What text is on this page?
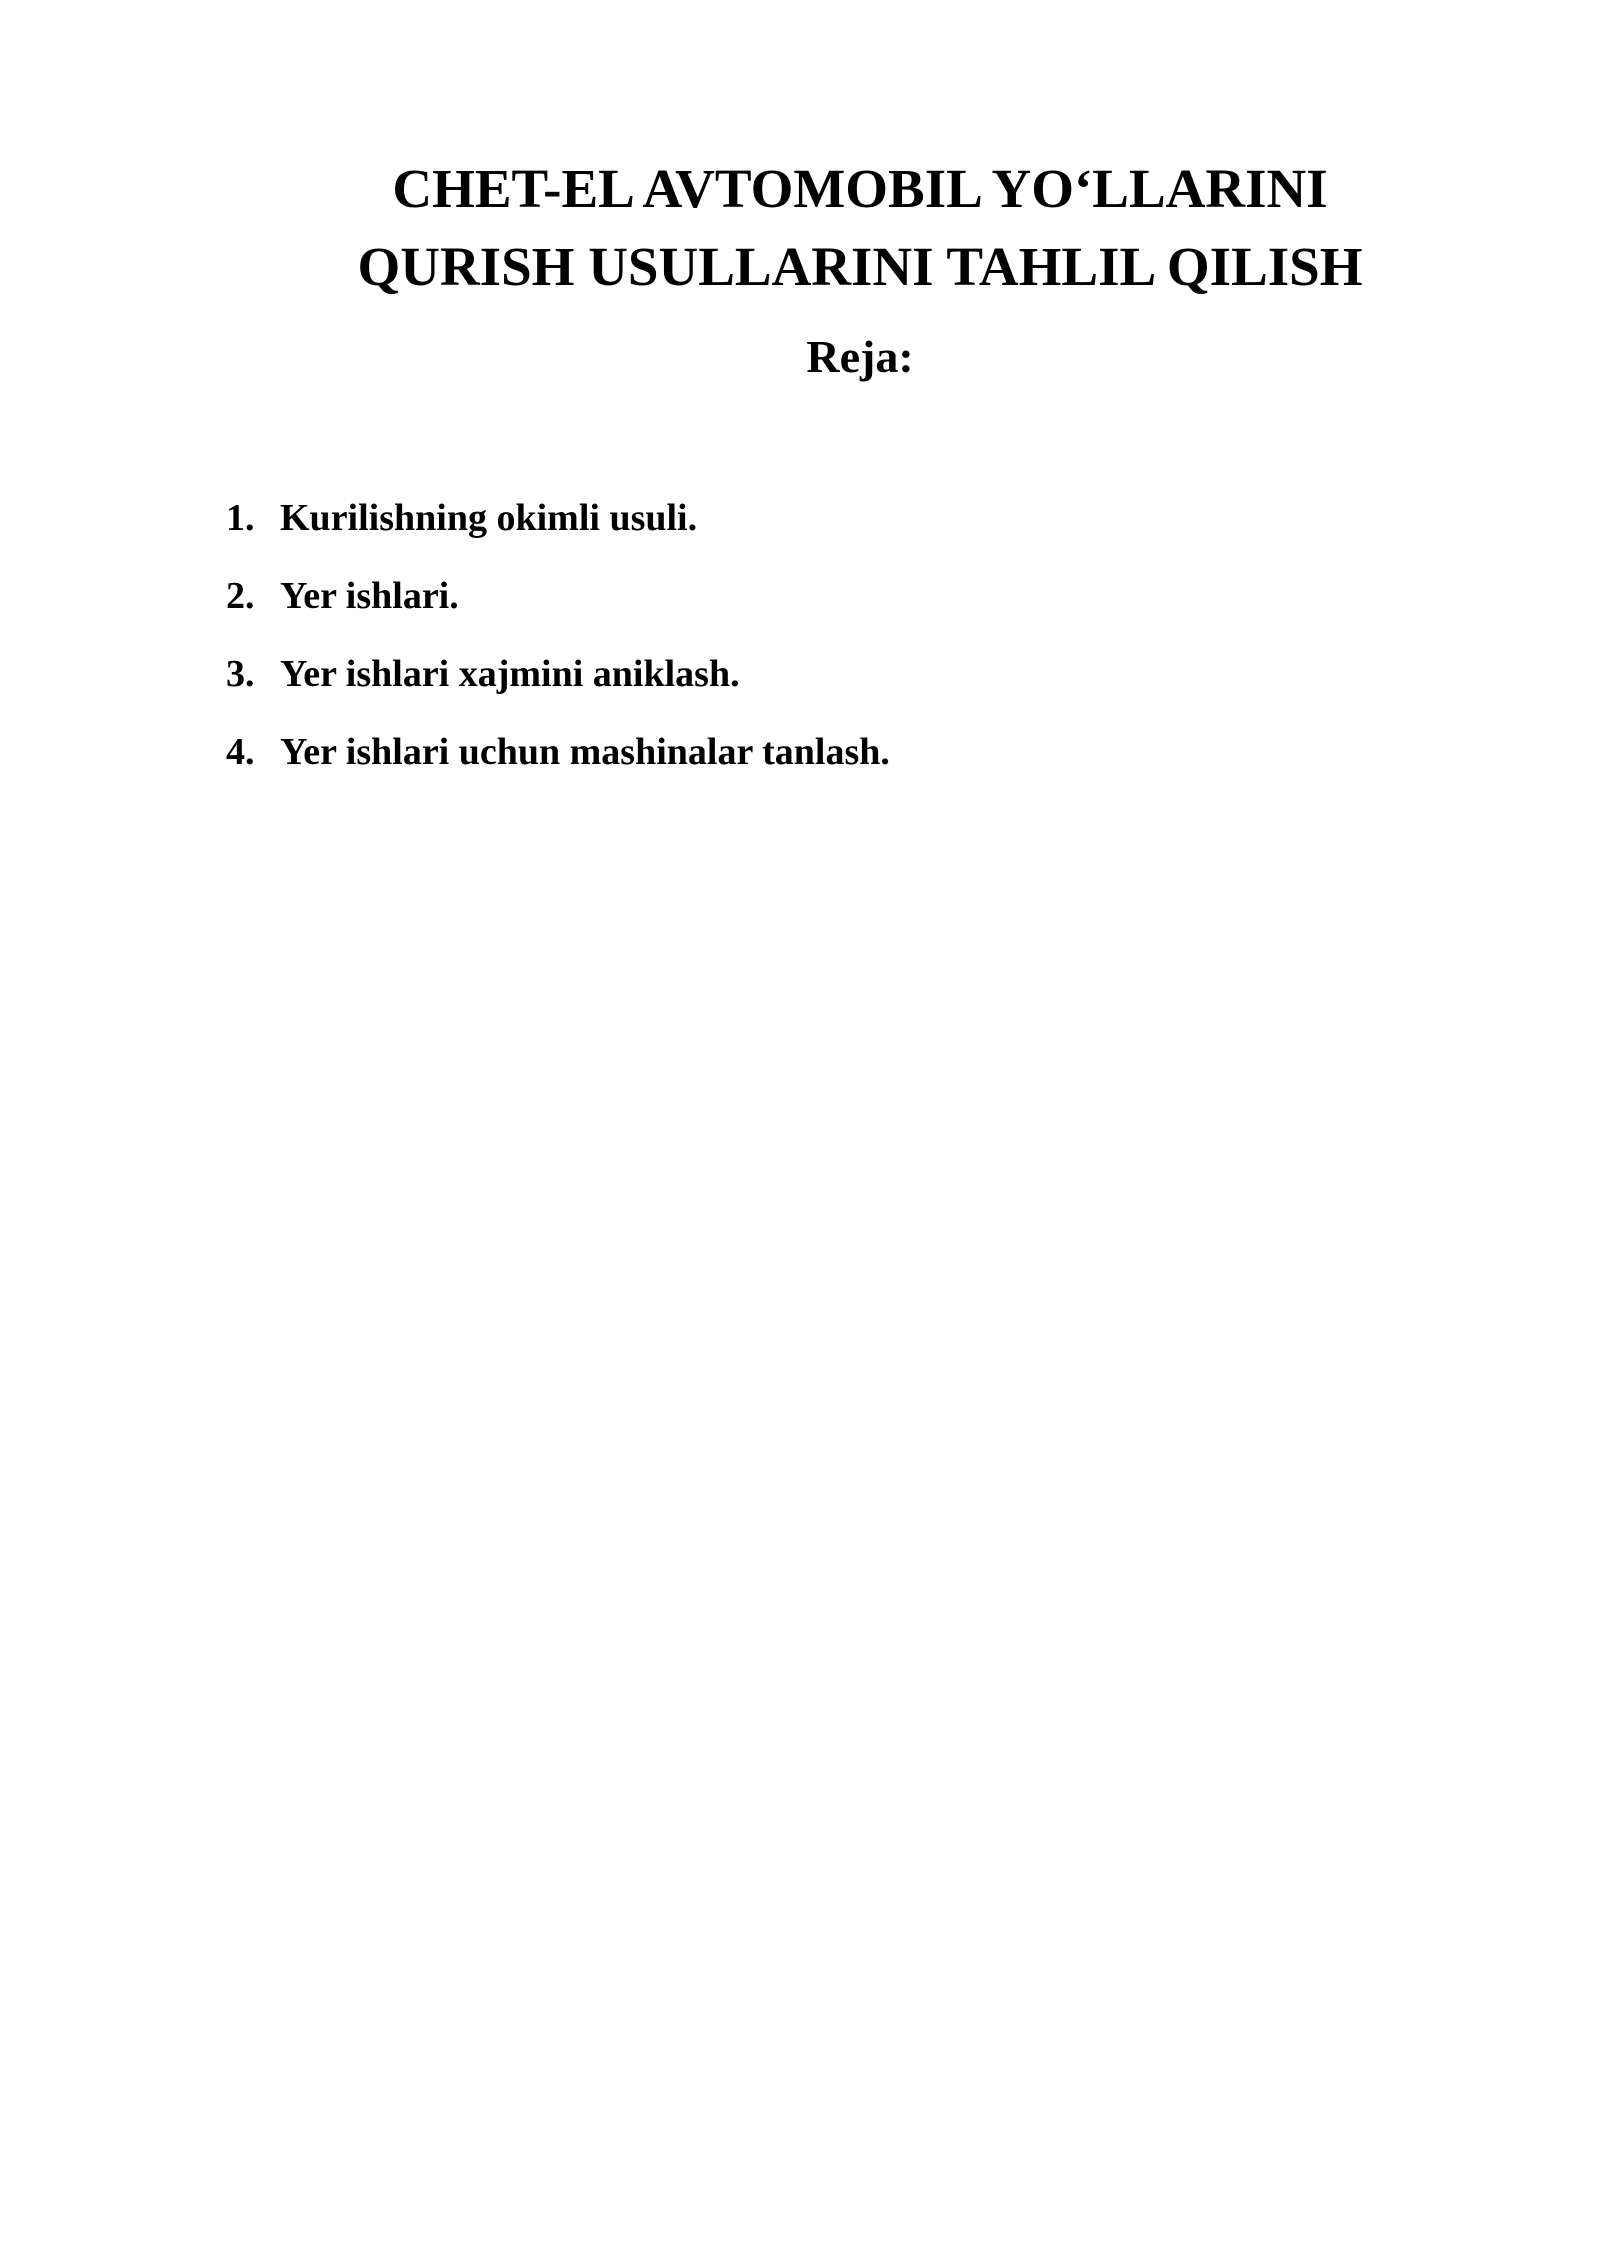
CHET-EL AVTOMOBIL YO‘LLARINI
QURISH USULLARINI TAHLIL QILISH
Reja:
1. Kurilishning okimli usuli.
2. Yer ishlari.
3. Yer ishlari xajmini aniklash.
4. Yer ishlari uchun mashinalar tanlash.
